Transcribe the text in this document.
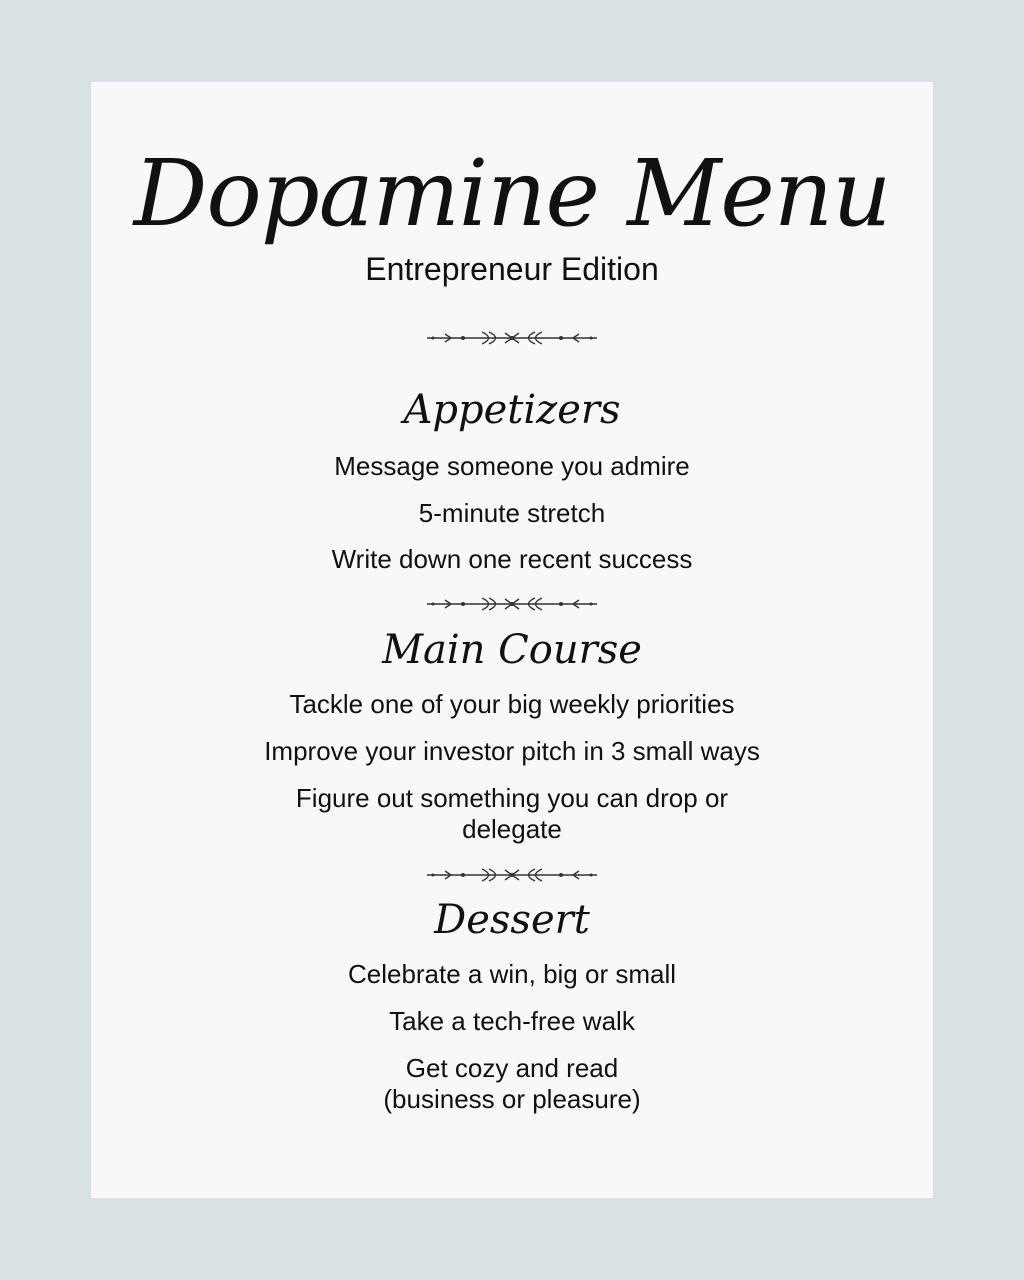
Dopamine Menu
Entrepreneur Edition
Appetizers
Message someone you admire
5-minute stretch
Write down one recent success
Main Course
Tackle one of your big weekly priorities
Improve your investor pitch in 3 small ways
Figure out something you can drop or
delegate
Dessert
Celebrate a win, big or small
Take a tech-free walk
Get cozy and read
(business or pleasure)
